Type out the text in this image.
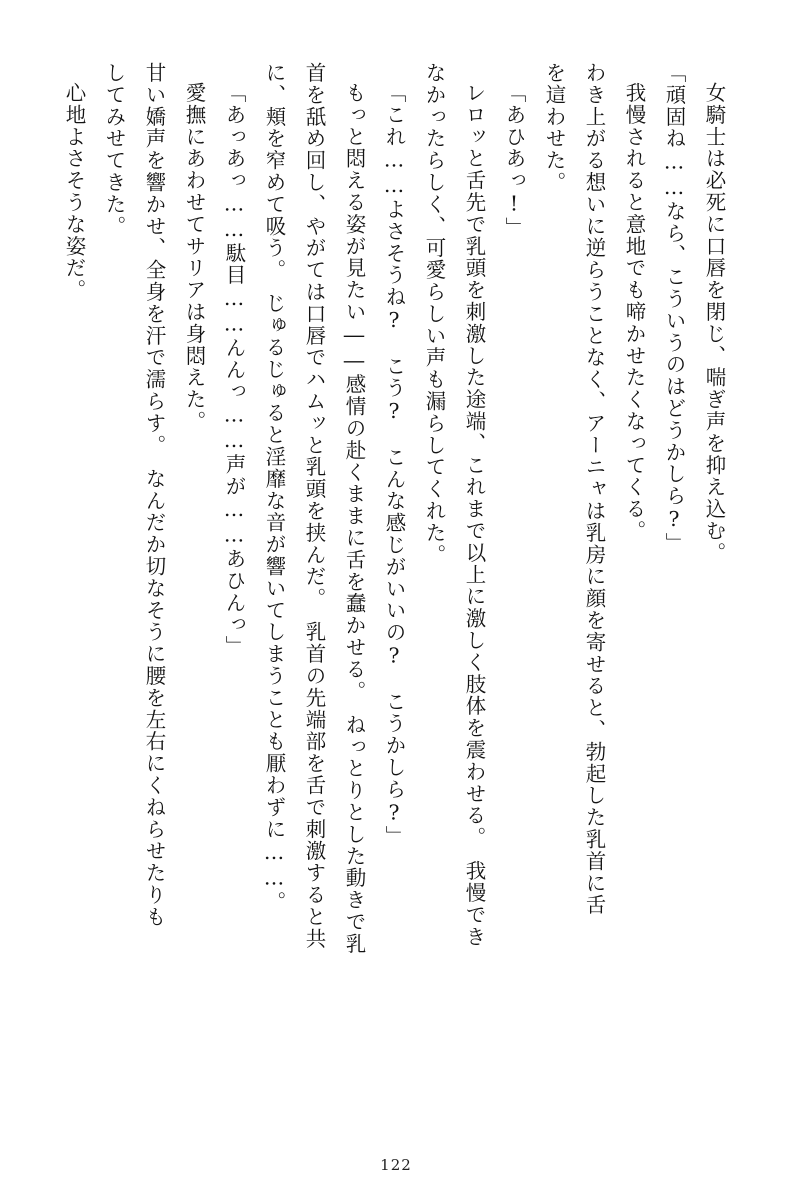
女騎士は必死に口唇を閉じ、喘ぎ声を抑え込む。
「頑固ね……なら、こういうのはどうかしら?」
我慢されると意地でも啼かせたくなってくる。
わき上がる想いに逆らうことなく、アーニャは乳房に顔を寄せると、勃起した乳首に舌
を這わせた。
「あひあっ!」
レロッと舌先で乳頭を刺激した途端、これまで以上に激しく肢体を震わせる。　我慢でき
なかったらしく、可愛らしい声も漏らしてくれた。
「これ……よさそうね?　こう?　こんな感じがいいの?　こうかしら?」
もっと悶える姿が見たい――感情の赴くままに舌を蠢かせる。　ねっとりとした動きで乳
首を舐め回し、やがては口唇でハムッと乳頭を挟んだ。　乳首の先端部を舌で刺激すると共
に、頬を窄めて吸う。　じゅるじゅると淫靡な音が響いてしまうことも厭わずに……。
「あっあっ……駄目……んんっ……声が……あひんっ」
愛撫にあわせてサリアは身悶えた。
甘い嬌声を響かせ、全身を汗で濡らす。　なんだか切なそうに腰を左右にくねらせたりも
してみせてきた。
心地よさそうな姿だ。
122
